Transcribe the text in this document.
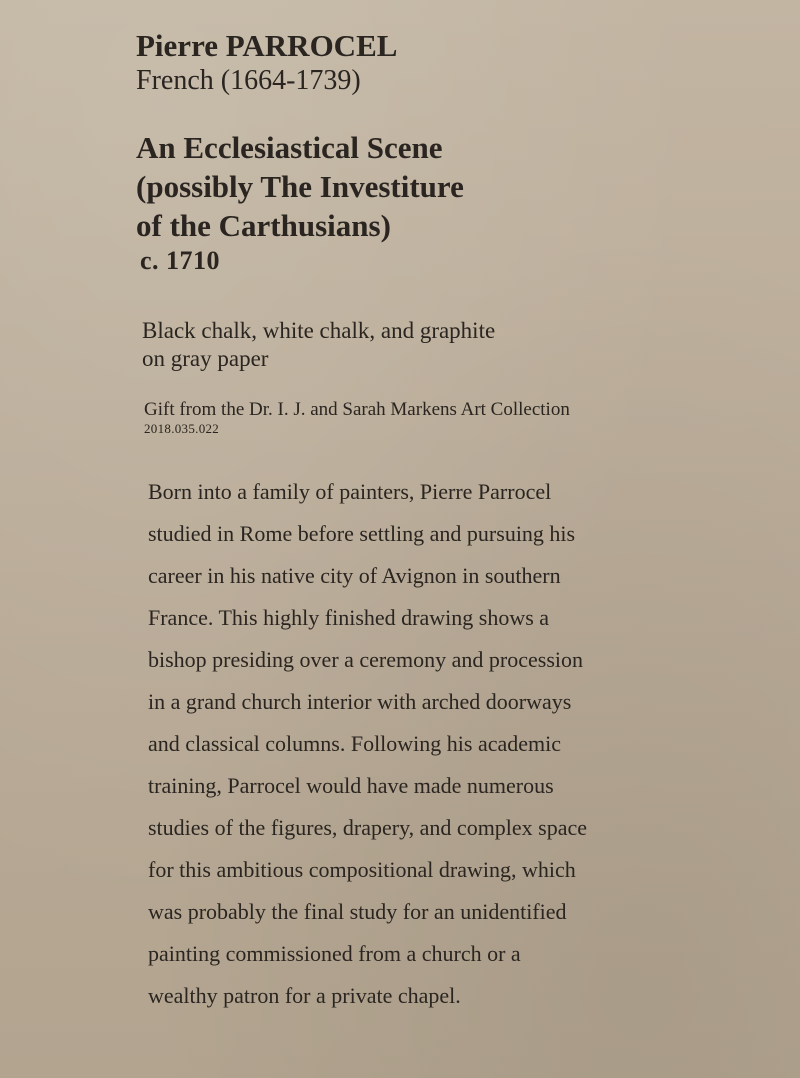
Pierre PARROCEL
French (1664-1739)
An Ecclesiastical Scene
(possibly The Investiture
of the Carthusians)
c. 1710
Black chalk, white chalk, and graphite
on gray paper
Gift from the Dr. I. J. and Sarah Markens Art Collection
2018.035.022
Born into a family of painters, Pierre Parrocel
studied in Rome before settling and pursuing his
career in his native city of Avignon in southern
France. This highly finished drawing shows a
bishop presiding over a ceremony and procession
in a grand church interior with arched doorways
and classical columns. Following his academic
training, Parrocel would have made numerous
studies of the figures, drapery, and complex space
for this ambitious compositional drawing, which
was probably the final study for an unidentified
painting commissioned from a church or a
wealthy patron for a private chapel.
